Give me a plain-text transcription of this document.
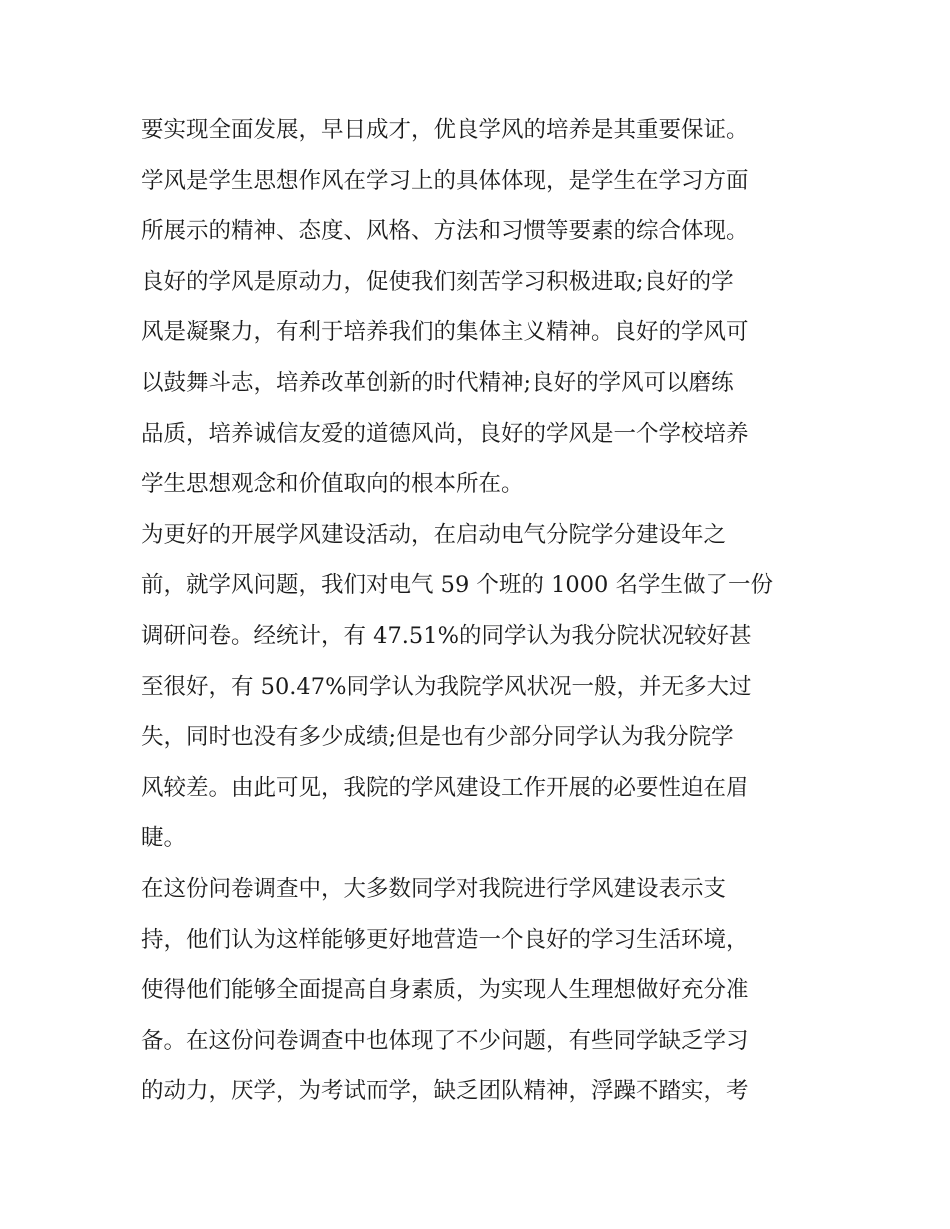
要实现全面发展，早日成才，优良学风的培养是其重要保证。
学风是学生思想作风在学习上的具体体现，是学生在学习方面
所展示的精神、态度、风格、方法和习惯等要素的综合体现。
良好的学风是原动力，促使我们刻苦学习积极进取;良好的学
风是凝聚力，有利于培养我们的集体主义精神。良好的学风可
以鼓舞斗志，培养改革创新的时代精神;良好的学风可以磨练
品质，培养诚信友爱的道德风尚，良好的学风是一个学校培养
学生思想观念和价值取向的根本所在。
为更好的开展学风建设活动，在启动电气分院学分建设年之
前，就学风问题，我们对电气 59 个班的 1000 名学生做了一份
调研问卷。经统计，有 47.51%的同学认为我分院状况较好甚
至很好，有 50.47%同学认为我院学风状况一般，并无多大过
失，同时也没有多少成绩;但是也有少部分同学认为我分院学
风较差。由此可见，我院的学风建设工作开展的必要性迫在眉
睫。
在这份问卷调查中，大多数同学对我院进行学风建设表示支
持，他们认为这样能够更好地营造一个良好的学习生活环境，
使得他们能够全面提高自身素质，为实现人生理想做好充分准
备。在这份问卷调查中也体现了不少问题，有些同学缺乏学习
的动力，厌学，为考试而学，缺乏团队精神，浮躁不踏实，考
